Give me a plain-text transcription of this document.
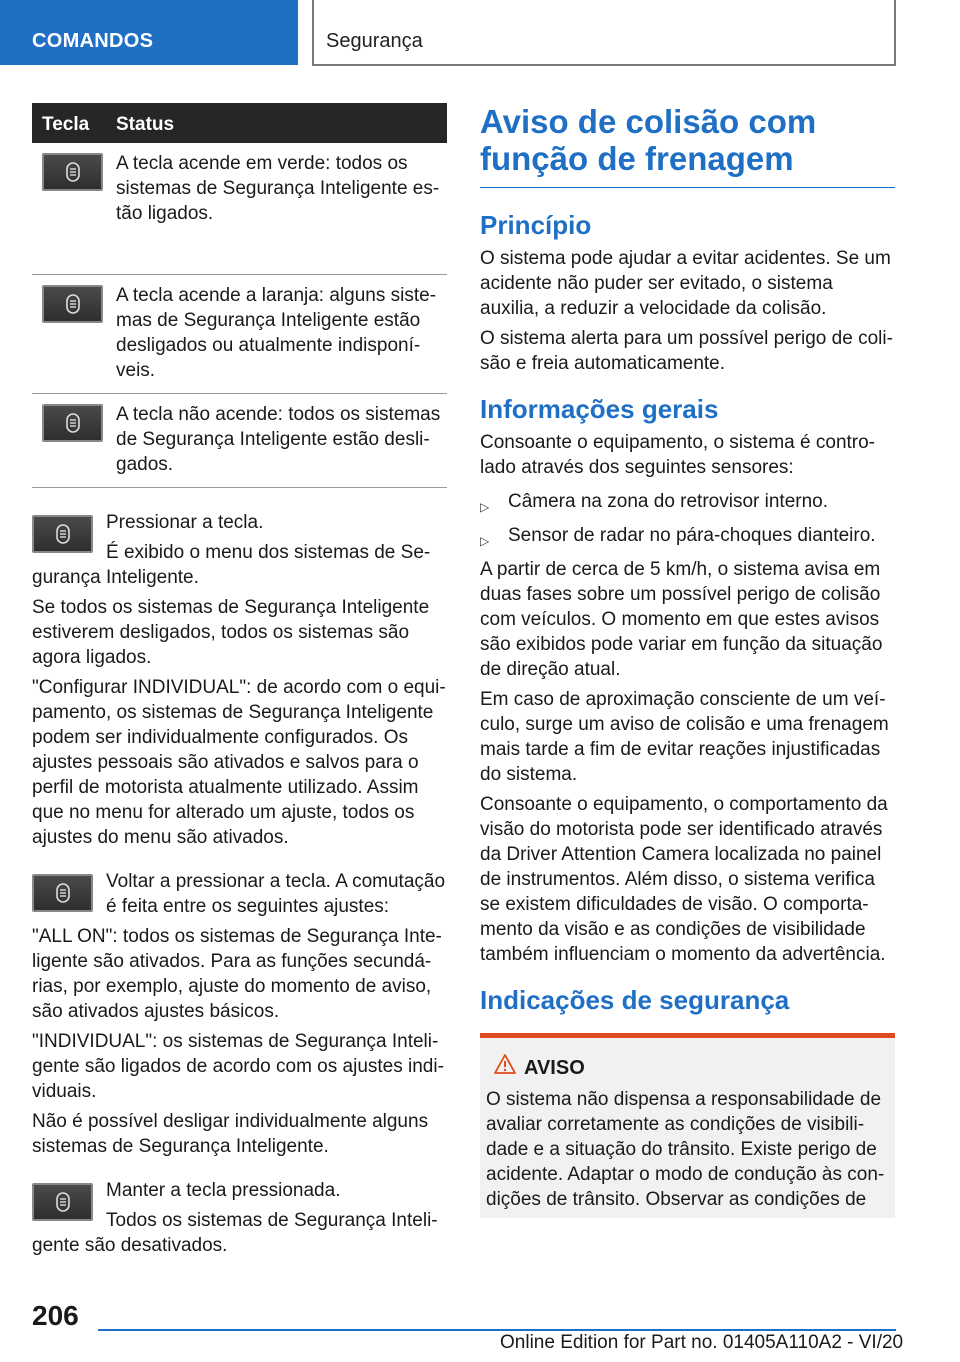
COMANDOS	Segurança
Tecla Status
A tecla acende em verde: todos os sistemas de Segurança Inteligente es-tão ligados.
A tecla acende a laranja: alguns siste-mas de Segurança Inteligente estão desligados ou atualmente indisponí-veis.
A tecla não acende: todos os sistemas de Segurança Inteligente estão desli-gados.

Pressionar a tecla.

É exibido o menu dos sistemas de Se-gurança Inteligente.

Se todos os sistemas de Segurança Inteligente estiverem desligados, todos os sistemas são agora ligados.

"Configurar INDIVIDUAL": de acordo com o equi-pamento, os sistemas de Segurança Inteligente podem ser individualmente configurados. Os ajustes pessoais são ativados e salvos para o perfil de motorista atualmente utilizado. Assim que no menu for alterado um ajuste, todos os ajustes do menu são ativados.

Voltar a pressionar a tecla. A comutação é feita entre os seguintes ajustes:

"ALL ON": todos os sistemas de Segurança Inte-ligente são ativados. Para as funções secundá-rias, por exemplo, ajuste do momento de aviso, são ativados ajustes básicos.

"INDIVIDUAL": os sistemas de Segurança Inteli-gente são ligados de acordo com os ajustes indi-viduais.

Não é possível desligar individualmente alguns sistemas de Segurança Inteligente.

Manter a tecla pressionada.

Todos os sistemas de Segurança Inteli-gente são desativados.

Aviso de colisão com função de frenagem
Princípio

O sistema pode ajudar a evitar acidentes. Se um acidente não puder ser evitado, o sistema auxilia, a reduzir a velocidade da colisão.

O sistema alerta para um possível perigo de coli-são e freia automaticamente.

Informações gerais

Consoante o equipamento, o sistema é contro-lado através dos seguintes sensores:

▷ Câmera na zona do retrovisor interno.
▷ Sensor de radar no pára-choques dianteiro.

A partir de cerca de 5 km/h, o sistema avisa em duas fases sobre um possível perigo de colisão com veículos. O momento em que estes avisos são exibidos pode variar em função da situação de direção atual.

Em caso de aproximação consciente de um veí-culo, surge um aviso de colisão e uma frenagem mais tarde a fim de evitar reações injustificadas do sistema.

Consoante o equipamento, o comportamento da visão do motorista pode ser identificado através da Driver Attention Camera localizada no painel de instrumentos. Além disso, o sistema verifica se existem dificuldades de visão. O comporta-mento da visão e as condições de visibilidade também influenciam o momento da advertência.

Indicações de segurança
AVISO

O sistema não dispensa a responsabilidade de avaliar corretamente as condições de visibili-dade e a situação do trânsito. Existe perigo de acidente. Adaptar o modo de condução às con-dições de trânsito. Observar as condições de

206
Online Edition for Part no. 01405A110A2 - VI/20
